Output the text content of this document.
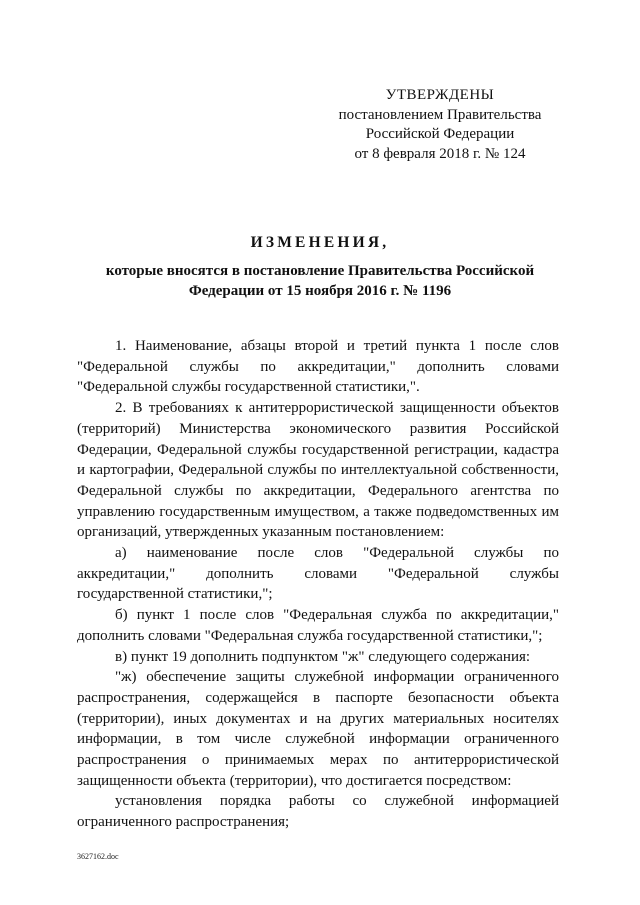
УТВЕРЖДЕНЫ
постановлением Правительства
Российской Федерации
от 8 февраля 2018 г. № 124
ИЗМЕНЕНИЯ,
которые вносятся в постановление Правительства Российской
Федерации от 15 ноября 2016 г. № 1196

1. Наименование, абзацы второй и третий пункта 1 после слов "Федеральной службы по аккредитации," дополнить словами "Федеральной службы государственной статистики,".

2. В требованиях к антитеррористической защищенности объектов (территорий) Министерства экономического развития Российской Федерации, Федеральной службы государственной регистрации, кадастра и картографии, Федеральной службы по интеллектуальной собственности, Федеральной службы по аккредитации, Федерального агентства по управлению государственным имуществом, а также подведомственных им организаций, утвержденных указанным постановлением:

а) наименование после слов "Федеральной службы по аккредитации," дополнить словами "Федеральной службы государственной статистики,";

б) пункт 1 после слов "Федеральная служба по аккредитации," дополнить словами "Федеральная служба государственной статистики,";

в) пункт 19 дополнить подпунктом "ж" следующего содержания:

"ж) обеспечение защиты служебной информации ограниченного распространения, содержащейся в паспорте безопасности объекта (территории), иных документах и на других материальных носителях информации, в том числе служебной информации ограниченного распространения о принимаемых мерах по антитеррористической защищенности объекта (территории), что достигается посредством:

установления порядка работы со служебной информацией ограниченного распространения;

3627162.doc
